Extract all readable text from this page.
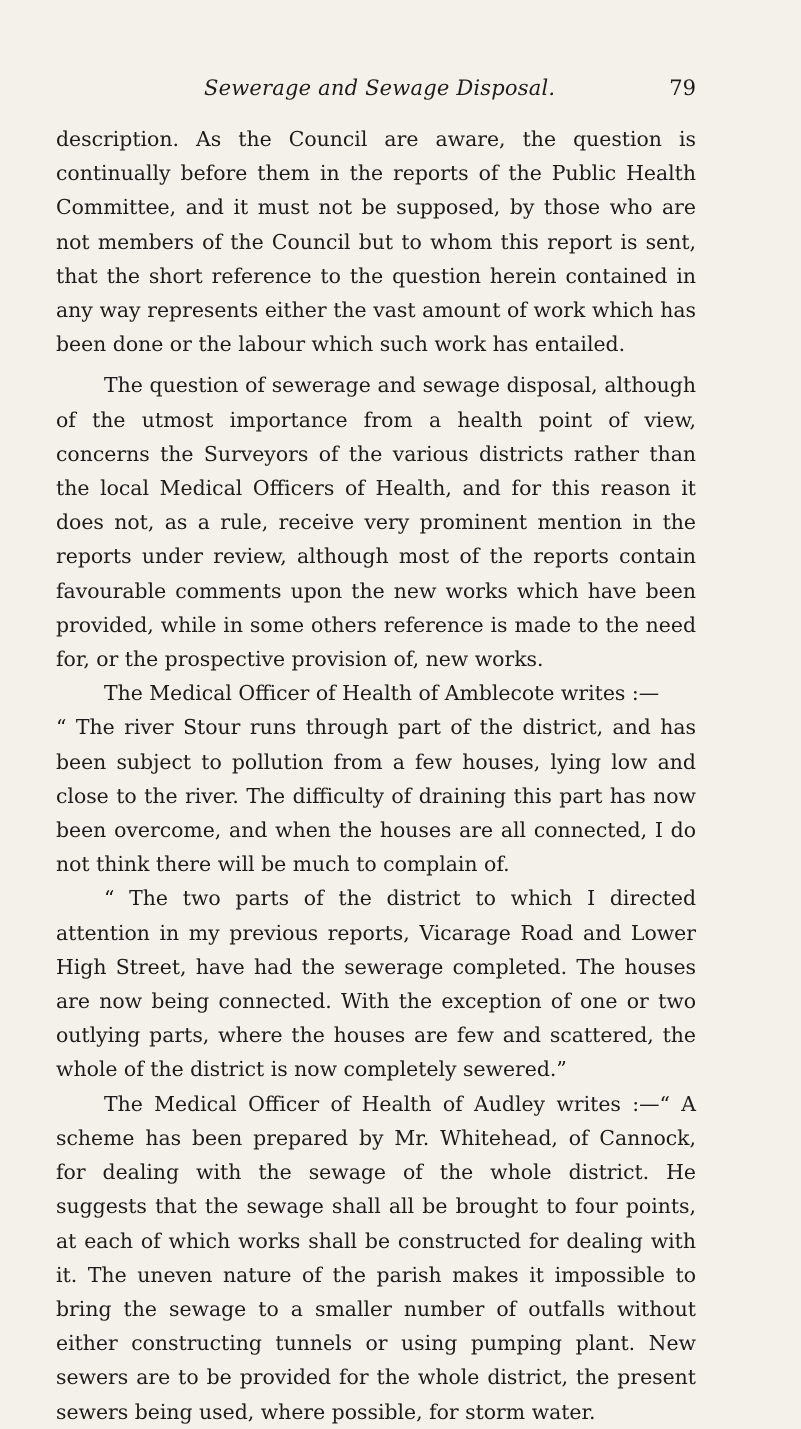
Sewerage and Sewage Disposal.	79

description. As the Council are aware, the question is continually before them in the reports of the Public Health Committee, and it must not be supposed, by those who are not members of the Council but to whom this report is sent, that the short reference to the question herein contained in any way represents either the vast amount of work which has been done or the labour which such work has entailed.

The question of sewerage and sewage disposal, although of the utmost importance from a health point of view, concerns the Surveyors of the various districts rather than the local Medical Officers of Health, and for this reason it does not, as a rule, receive very prominent mention in the reports under review, although most of the reports contain favourable comments upon the new works which have been provided, while in some others reference is made to the need for, or the prospective provision of, new works.

The Medical Officer of Health of Amblecote writes :—

“ The river Stour runs through part of the district, and has been subject to pollution from a few houses, lying low and close to the river. The difficulty of draining this part has now been overcome, and when the houses are all connected, I do not think there will be much to complain of.

“ The two parts of the district to which I directed attention in my previous reports, Vicarage Road and Lower High Street, have had the sewerage completed. The houses are now being connected. With the exception of one or two outlying parts, where the houses are few and scattered, the whole of the district is now completely sewered.”

The Medical Officer of Health of Audley writes :—“ A scheme has been prepared by Mr. Whitehead, of Cannock, for dealing with the sewage of the whole district. He suggests that the sewage shall all be brought to four points, at each of which works shall be constructed for dealing with it. The uneven nature of the parish makes it impossible to bring the sewage to a smaller number of outfalls without either constructing tunnels or using pumping plant. New sewers are to be provided for the whole district, the present sewers being used, where possible, for storm water.
